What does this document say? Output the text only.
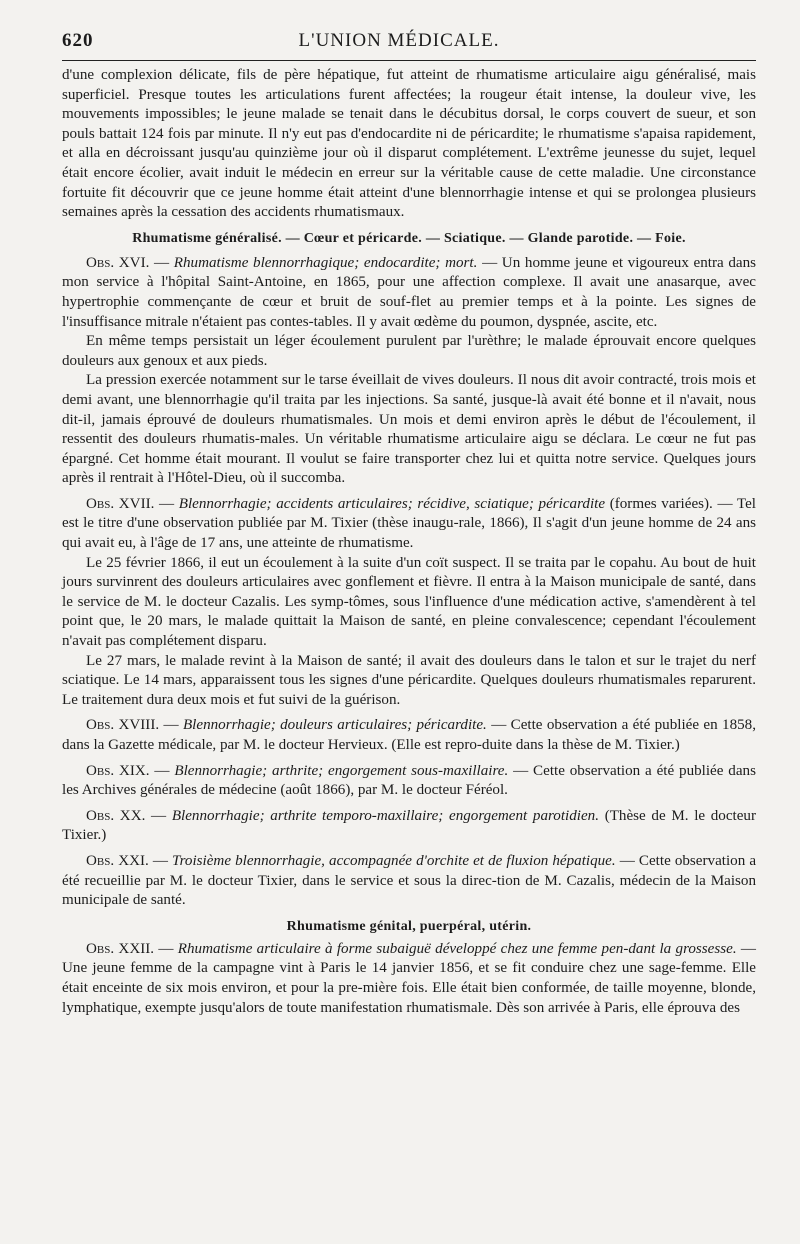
620	L'UNION MÉDICALE.

d'une complexion délicate, fils de père hépatique, fut atteint de rhumatisme articulaire aigu généralisé, mais superficiel. Presque toutes les articulations furent affectées; la rougeur était intense, la douleur vive, les mouvements impossibles; le jeune malade se tenait dans le décubitus dorsal, le corps couvert de sueur, et son pouls battait 124 fois par minute. Il n'y eut pas d'endocardite ni de péricardite; le rhumatisme s'apaisa rapidement, et alla en décroissant jusqu'au quinzième jour où il disparut complétement. L'extrême jeunesse du sujet, lequel était encore écolier, avait induit le médecin en erreur sur la véritable cause de cette maladie. Une circonstance fortuite fit découvrir que ce jeune homme était atteint d'une blennorrhagie intense et qui se prolongea plusieurs semaines après la cessation des accidents rhumatismaux.

Rhumatisme généralisé. — Cœur et péricarde. — Sciatique. — Glande parotide. — Foie.

Obs. XVI. — Rhumatisme blennorrhagique; endocardite; mort. — Un homme jeune et vigoureux entra dans mon service à l'hôpital Saint-Antoine, en 1865, pour une affection complexe. Il avait une anasarque, avec hypertrophie commençante de cœur et bruit de souf-flet au premier temps et à la pointe. Les signes de l'insuffisance mitrale n'étaient pas contes-tables. Il y avait œdème du poumon, dyspnée, ascite, etc.

En même temps persistait un léger écoulement purulent par l'urèthre; le malade éprouvait encore quelques douleurs aux genoux et aux pieds.

La pression exercée notamment sur le tarse éveillait de vives douleurs. Il nous dit avoir contracté, trois mois et demi avant, une blennorrhagie qu'il traita par les injections. Sa santé, jusque-là avait été bonne et il n'avait, nous dit-il, jamais éprouvé de douleurs rhumatismales. Un mois et demi environ après le début de l'écoulement, il ressentit des douleurs rhumatis-males. Un véritable rhumatisme articulaire aigu se déclara. Le cœur ne fut pas épargné. Cet homme était mourant. Il voulut se faire transporter chez lui et quitta notre service. Quelques jours après il rentrait à l'Hôtel-Dieu, où il succomba.

Obs. XVII. — Blennorrhagie; accidents articulaires; récidive, sciatique; péricardite (formes variées). — Tel est le titre d'une observation publiée par M. Tixier (thèse inaugu-rale, 1866), Il s'agit d'un jeune homme de 24 ans qui avait eu, à l'âge de 17 ans, une atteinte de rhumatisme.

Le 25 février 1866, il eut un écoulement à la suite d'un coït suspect. Il se traita par le copahu. Au bout de huit jours survinrent des douleurs articulaires avec gonflement et fièvre. Il entra à la Maison municipale de santé, dans le service de M. le docteur Cazalis. Les symp-tômes, sous l'influence d'une médication active, s'amendèrent à tel point que, le 20 mars, le malade quittait la Maison de santé, en pleine convalescence; cependant l'écoulement n'avait pas complétement disparu.

Le 27 mars, le malade revint à la Maison de santé; il avait des douleurs dans le talon et sur le trajet du nerf sciatique. Le 14 mars, apparaissent tous les signes d'une péricardite. Quelques douleurs rhumatismales reparurent. Le traitement dura deux mois et fut suivi de la guérison.

Obs. XVIII. — Blennorrhagie; douleurs articulaires; péricardite. — Cette observation a été publiée en 1858, dans la Gazette médicale, par M. le docteur Hervieux. (Elle est repro-duite dans la thèse de M. Tixier.)

Obs. XIX. — Blennorrhagie; arthrite; engorgement sous-maxillaire. — Cette observation a été publiée dans les Archives générales de médecine (août 1866), par M. le docteur Féréol.

Obs. XX. — Blennorrhagie; arthrite temporo-maxillaire; engorgement parotidien. (Thèse de M. le docteur Tixier.)

Obs. XXI. — Troisième blennorrhagie, accompagnée d'orchite et de fluxion hépatique. — Cette observation a été recueillie par M. le docteur Tixier, dans le service et sous la direc-tion de M. Cazalis, médecin de la Maison municipale de santé.

Rhumatisme génital, puerpéral, utérin.

Obs. XXII. — Rhumatisme articulaire à forme subaiguë développé chez une femme pen-dant la grossesse. — Une jeune femme de la campagne vint à Paris le 14 janvier 1856, et se fit conduire chez une sage-femme. Elle était enceinte de six mois environ, et pour la pre-mière fois. Elle était bien conformée, de taille moyenne, blonde, lymphatique, exempte jusqu'alors de toute manifestation rhumatismale. Dès son arrivée à Paris, elle éprouva des
